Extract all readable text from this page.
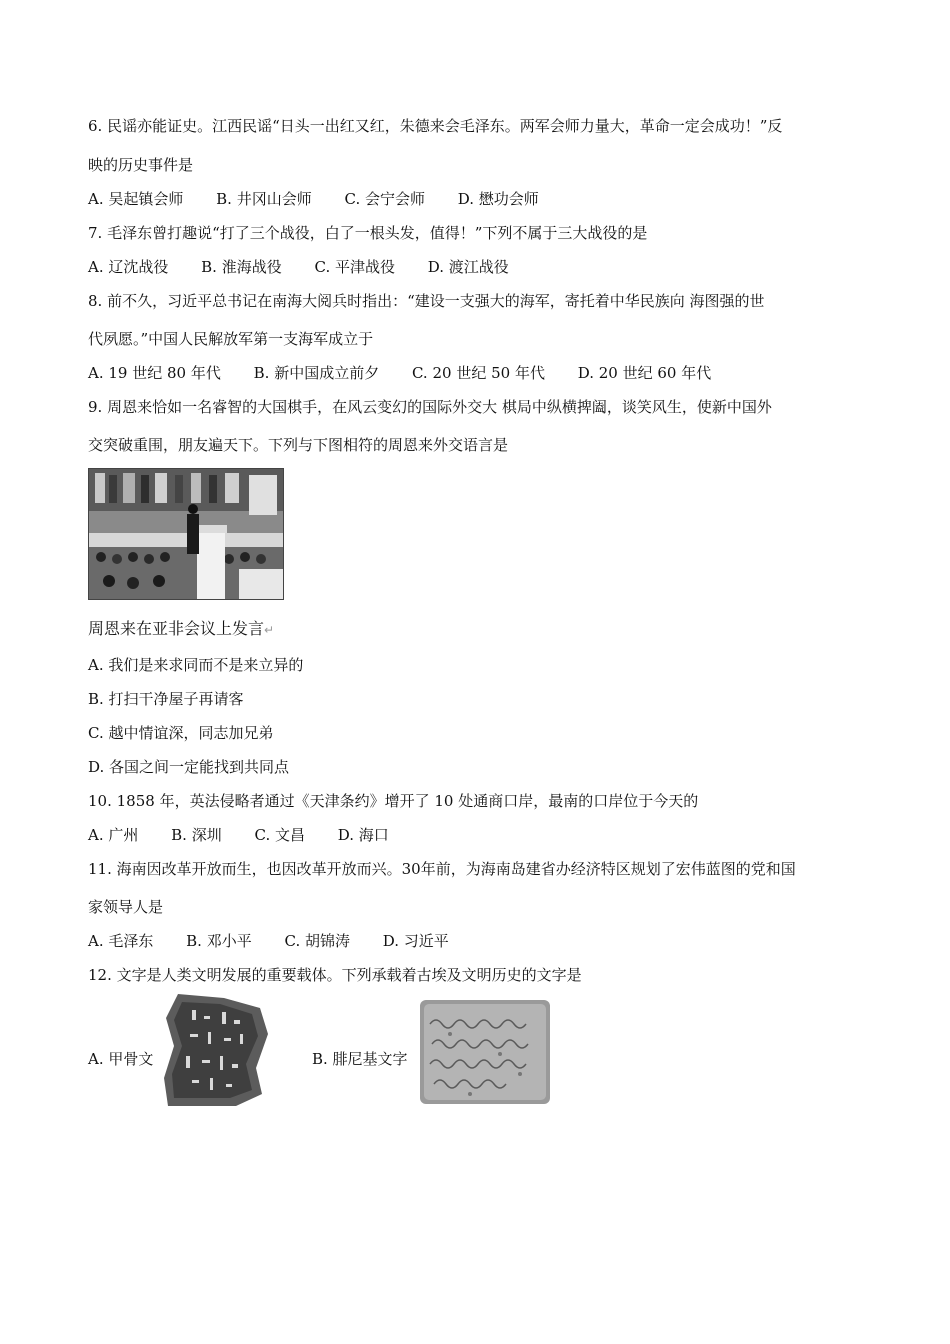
6. 民谣亦能证史。江西民谣“日头一出红又红，朱德来会毛泽东。两军会师力量大，革命一定会成功！”反
映的历史事件是
A. 吴起镇会师 B. 井冈山会师 C. 会宁会师 D. 懋功会师
7. 毛泽东曾打趣说“打了三个战役，白了一根头发，值得！”下列不属于三大战役的是
A. 辽沈战役 B. 淮海战役 C. 平津战役 D. 渡江战役
8. 前不久，习近平总书记在南海大阅兵时指出：“建设一支强大的海军，寄托着中华民族向 海图强的世
代夙愿。”中国人民解放军第一支海军成立于
A. 19 世纪 80 年代 B. 新中国成立前夕 C. 20 世纪 50 年代 D. 20 世纪 60 年代
9. 周恩来恰如一名睿智的大国棋手，在风云变幻的国际外交大 棋局中纵横捭阖，谈笑风生，使新中国外
交突破重围，朋友遍天下。下列与下图相符的周恩来外交语言是
周恩来在亚非会议上发言↵
A. 我们是来求同而不是来立异的
B. 打扫干净屋子再请客
C. 越中情谊深，同志加兄弟
D. 各国之间一定能找到共同点
10. 1858 年，英法侵略者通过《天津条约》增开了 10 处通商口岸，最南的口岸位于今天的
A. 广州 B. 深圳 C. 文昌 D. 海口
11. 海南因改革开放而生，也因改革开放而兴。30年前，为海南岛建省办经济特区规划了宏伟蓝图的党和国
家领导人是
A. 毛泽东 B. 邓小平 C. 胡锦涛 D. 习近平
12. 文字是人类文明发展的重要载体。下列承载着古埃及文明历史的文字是
A. 甲骨文	B. 腓尼基文字
